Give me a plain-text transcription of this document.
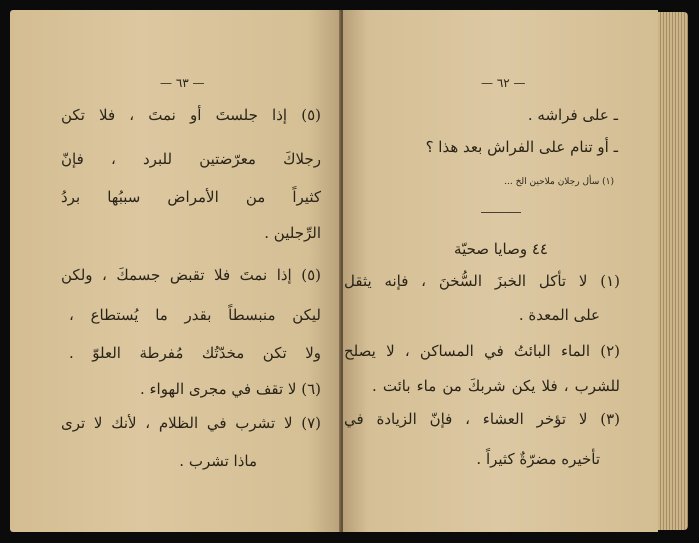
— ٦٣ —
(٥) إذا جلستَ أو نمتَ ، فلا تكن
رجلاكَ معرّضتين للبرد ، فإنّ
كثيراً من الأمراض سببُها بردُ
الرِّجلين .
(٥) إذا نمتَ فلا تقبض جسمكَ ، ولكن
ليكن منبسطاً بقدر ما يُستطاع ،
ولا تكن مخدّتُك مُفرطة العلوّ .
(٦) لا تقف في مجرى الهواء .
(٧) لا تشرب في الظلام ، لأنك لا ترى
ماذا تشرب .
— ٦٢ —
ـ على فراشه .
ـ أو تنام على الفراش بعد هذا ؟
(١) سأل رجلان ملاحين الخ ...
٤٤ وصايا صحيّة
(١) لا تأكل الخبزَ السُّخنَ ، فإنه يثقل
على المعدة .
(٢) الماء البائتُ في المساكن ، لا يصلح
للشرب ، فلا يكن شربكَ من ماء بائت .
(٣) لا تؤخر العشاء ، فإنّ الزيادة في
تأخيره مضرّةٌ كثيراً .
